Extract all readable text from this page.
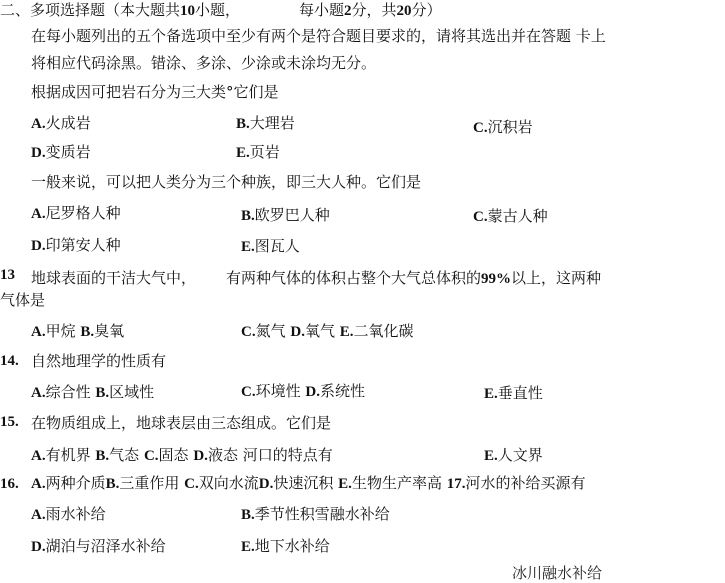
二、多项选择题（本大题共10小题，	每小题2分，共20分）
在每小题列出的五个备选项中至少有两个是符合题目要求的，请将其选出并在答题 卡上
将相应代码涂黑。错涂、多涂、少涂或未涂均无分。
根据成因可把岩石分为三大类°它们是
A.火成岩	B.大理岩	C.沉积岩
D.变质岩	E.页岩
一般来说，可以把人类分为三个种族，即三大人种。它们是
A.尼罗格人种	B.欧罗巴人种	C.蒙古人种
D.印第安人种	E.图瓦人
13 地球表面的干洁大气中， 有两种气体的体积占整个大气总体积的99%以上，这两种
气体是
A.甲烷 B.臭氧	C.氮气 D.氧气 E.二氧化碳
14. 自然地理学的性质有
A.综合性 B.区域性	C.环境性 D.系统性	E.垂直性
15. 在物质组成上，地球表层由三态组成。它们是
A.有机界 B.气态 C.固态 D.液态 河口的特点有	E.人文界
16. A.两种介质B.三重作用 C.双向水流D.快速沉积 E.生物生产率高 17.河水的补给买源有
A.雨水补给	B.季节性积雪融水补给
D.湖泊与沼泽水补给	E.地下水补给
冰川融水补给
